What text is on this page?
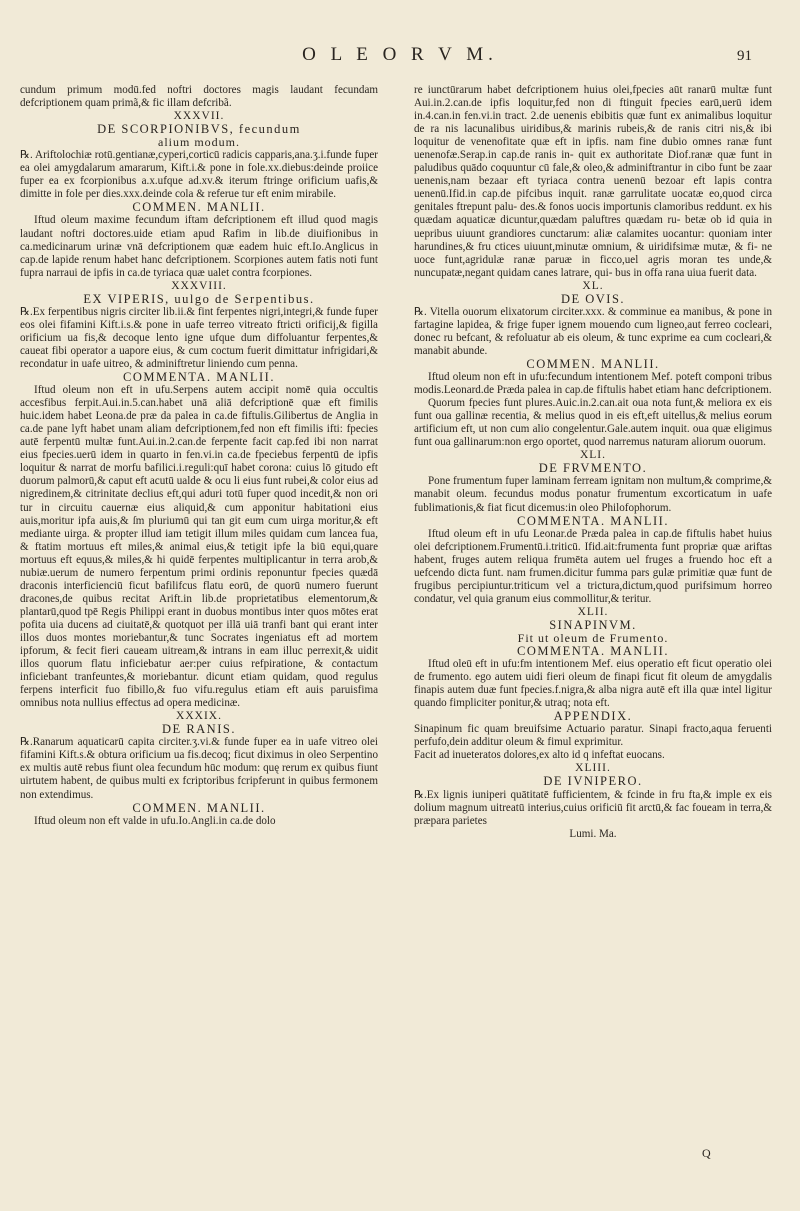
O L E O R V M.	91

cundum primum modū.fed noftri doctores magis laudant fecundam defcriptionem quam primã,& fic illam defcribã.

XXXVII.

DE SCORPIONIBVS, fecundum

alium modum.

℞. Ariftolochiæ rotū.gentianæ,cyperi,corticū radicis capparis,ana.ʒ.i.funde fuper ea olei amygdalarum amararum, Kift.i.& pone in fole.xx.diebus:deinde proiice fuper ea ex fcorpionibus a.x.ufque ad.xv.& iterum ftringe orificium uafis,& dimitte in fole per dies.xxx.deinde cola & referue tur eft enim mirabile.

COMMEN. MANLII.

Iftud oleum maxime fecundum iftam defcriptionem eft illud quod magis laudant noftri doctores.uide etiam apud Rafim in lib.de diuifionibus in ca.medicinarum urinæ vnā defcriptionem quæ eadem huic eft.Io.Anglicus in cap.de lapide renum habet hanc defcriptionem. Scorpiones autem fatis noti funt fupra narraui de ipfis in ca.de tyriaca quæ ualet contra fcorpiones.

XXXVIII.

EX VIPERIS, uulgo de Serpentibus.

℞.Ex ferpentibus nigris circiter lib.ii.& fint ferpentes nigri,integri,& funde fuper eos olei fifamini Kift.i.s.& pone in uafe terreo vitreato ftricti orificij,& figilla orificium ua fis,& decoque lento igne ufque dum diffoluantur ferpentes,& caueat fibi operator a uapore eius, & cum coctum fuerit dimittatur infrigidari,& recondatur in uafe uitreo, & adminiftretur liniendo cum penna.

COMMENTA. MANLII.

Iftud oleum non eft in ufu.Serpens autem accipit nomē quia occultis accesfibus ferpit.Aui.in.5.can.habet unā aliā defcriptionē quæ eft fimilis huic.idem habet Leona.de præ da palea in ca.de fiftulis.Gilibertus de Anglia in ca.de pane lyft habet unam aliam defcriptionem,fed non eft fimilis ifti: fpecies autē ferpentū multæ funt.Aui.in.2.can.de ferpente facit cap.fed ibi non narrat eius fpecies.uerū idem in quarto in fen.vi.in ca.de fpeciebus ferpentū de ipfis loquitur & narrat de morfu bafilici.i.reguli:quī habet corona: cuius lō gitudo eft duorum palmorū,& caput eft acutū ualde & ocu li eius funt rubei,& color eius ad nigredinem,& citrinitate declius eft,qui aduri totū fuper quod incedit,& non ori tur in circuitu cauernæ eius aliquid,& cum apponitur habitationi eius auis,moritur ipfa auis,& ſm pluriumū qui tan git eum cum uirga moritur,& eft mediante uirga. & propter illud iam tetigit illum miles quidam cum lancea fua, & ftatim mortuus eft miles,& animal eius,& tetigit ipfe la biū equi,quare mortuus eft equus,& miles,& hi quidē ferpentes multiplicantur in terra arob,& nubiæ.uerum de numero ferpentum primi ordinis reponuntur fpecies quædā draconis interficienciū ficut bafilifcus flatu eorū, de quorū numero fuerunt dracones,de quibus recitat Arift.in lib.de proprietatibus elementorum,& plantarū,quod tpē Regis Philippi erant in duobus montibus inter quos mōtes erat pofita uia ducens ad ciuitatē,& quotquot per illā uiā tranfi bant qui erant inter illos duos montes moriebantur,& tunc Socrates ingeniatus eft ad mortem ipforum, & fecit fieri caueam uitream,& intrans in eam illuc perrexit,& uidit illos quorum flatu inficiebatur aer:per cuius refpiratione, & contactum inficiebant tranfeuntes,& moriebantur. dicunt etiam quidam, quod regulus ferpens interficit fuo fibillo,& fuo vifu.regulus etiam eft auis paruisfima omnibus nota nullius effectus ad opera medicinæ.

XXXIX.

DE RANIS.

℞.Ranarum aquaticarū capita circiter.ʒ.vi.& funde fuper ea in uafe vitreo olei fifamini Kift.s.& obtura orificium ua fis.decoq; ficut diximus in oleo Serpentino ex multis autē rebus fiunt olea fecundum hūc modum: quę rerum ex quibus fiunt uirtutem habent, de quibus multi ex fcriptoribus fcripferunt in quibus fermonem non extendimus.

COMMEN. MANLII.

Iftud oleum non eft valde in ufu.Io.Angli.in ca.de dolo

re iunctūrarum habet defcriptionem huius olei,fpecies aūt ranarū multæ funt Aui.in.2.can.de ipfis loquitur,fed non di ftinguit fpecies earū,uerū idem in.4.can.in fen.vi.in tract. 2.de uenenis ebibitis quæ funt ex animalibus loquitur de ra nis lacunalibus uiridibus,& marinis rubeis,& de ranis citri nis,& ibi loquitur de venenofitate quæ eft in ipfis. nam fine dubio omnes ranæ funt uenenofæ.Serap.in cap.de ranis in- quit ex authoritate Diof.ranæ quæ funt in paludibus quādo coquuntur cū fale,& oleo,& adminiftrantur in cibo funt be zaar uenenis,nam bezaar eft tyriaca contra uenenū bezoar eft lapis contra uenenū.Ifid.in cap.de pifcibus inquit. ranæ garrulitate uocatæ eo,quod circa genitales ftrepunt palu- des.& fonos uocis importunis clamoribus reddunt. ex his quædam aquaticæ dicuntur,quædam paluftres quædam ru- betæ ob id quia in uepribus uiuunt grandiores cunctarum: aliæ calamites uocantur: quoniam inter harundines,& fru ctices uiuunt,minutæ omnium, & uiridifsimæ mutæ, & fi- ne uoce funt,agridulæ ranæ paruæ in ficco,uel agris moran tes unde,& nuncupatæ,negant quidam canes latrare, qui- bus in offa rana uiua fuerit data.

XL.

DE OVIS.

℞. Vitella ouorum elixatorum circiter.xxx. & comminue ea manibus, & pone in fartagine lapidea, & frige fuper ignem mouendo cum ligneo,aut ferreo cocleari, donec ru befcant, & refoluatur ab eis oleum, & tunc exprime ea cum cocleari,& manabit abunde.

COMMEN. MANLII.

Iftud oleum non eft in ufu:fecundum intentionem Mef. poteft componi tribus modis.Leonard.de Præda palea in cap.de fiftulis habet etiam hanc defcriptionem.

Quorum fpecies funt plures.Auic.in.2.can.ait oua nota funt,& meliora ex eis funt oua gallinæ recentia, & melius quod in eis eft,eft uitellus,& melius eorum artificium eft, ut non cum alio congelentur.Gale.autem inquit. oua quæ eligimus funt oua gallinarum:non ergo oportet, quod narremus naturam aliorum ouorum.

XLI.

DE FRVMENTO.

Pone frumentum fuper laminam ferream ignitam non multum,& comprime,& manabit oleum. fecundus modus ponatur frumentum excorticatum in uafe fublimationis,& fiat ficut dicemus:in oleo Philofophorum.

COMMENTA. MANLII.

Iftud oleum eft in ufu Leonar.de Præda palea in cap.de fiftulis habet huius olei defcriptionem.Frumentū.i.triticū. Ifid.ait:frumenta funt propriæ quæ ariftas habent, fruges autem reliqua frumēta autem uel fruges a fruendo hoc eft a uefcendo dicta funt. nam frumen.dicitur fumma pars gulæ primitiæ quæ funt de frugibus percipiuntur.triticum vel a trictura,dictum,quod purifsimum horreo condatur, vel quia granum eius commollitur,& teritur.

XLII.

SINAPINVM.

Fit ut oleum de Frumento.

COMMENTA. MANLII.

Iftud oleū eft in ufu:fm intentionem Mef. eius operatio eft ficut operatio olei de frumento. ego autem uidi fieri oleum de finapi ficut fit oleum de amygdalis finapis autem duæ funt fpecies.f.nigra,& alba nigra autē eft illa quæ intel ligitur quando fimpliciter ponitur,& utraq; nota eft.

APPENDIX.

Sinapinum fic quam breuifsime Actuario paratur. Sinapi fracto,aqua feruenti perfufo,dein additur oleum & fimul exprimitur.

Facit ad inueteratos dolores,ex alto id q infeftat euocans.

XLIII.

DE IVNIPERO.

℞.Ex lignis iuniperi quātitatē fufficientem, & fcinde in fru fta,& imple ex eis dolium magnum uitreatū interius,cuius orificiū fit arctū,& fac foueam in terra,& præpara parietes

Lumi. Ma.

Q
